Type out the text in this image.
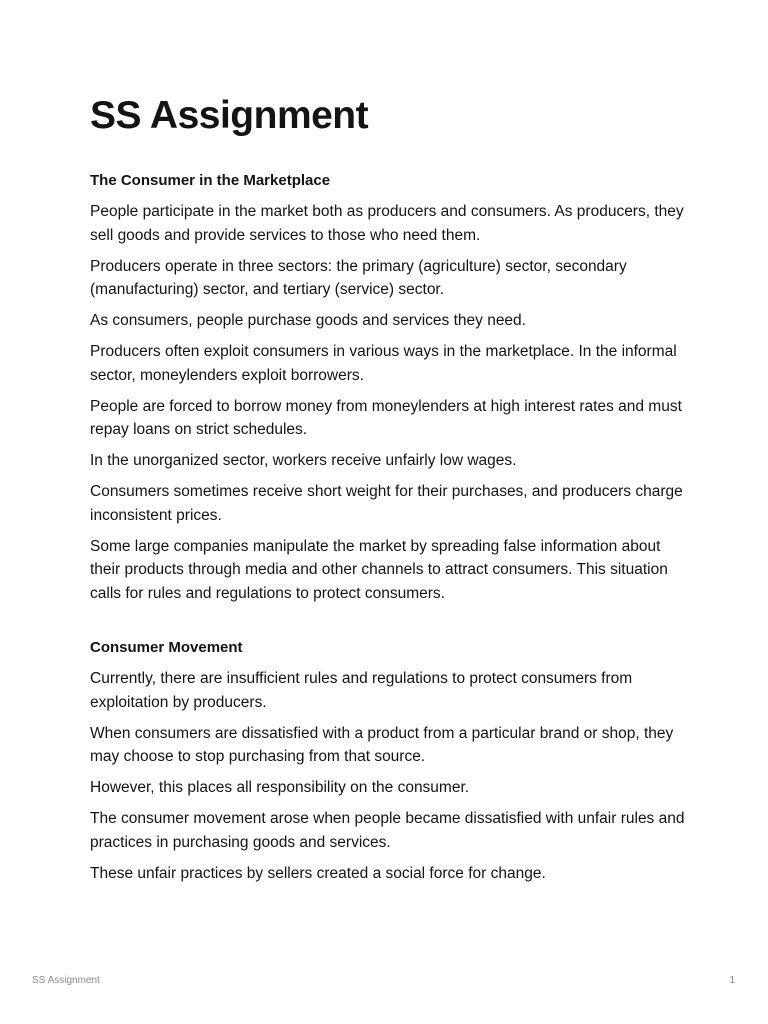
SS Assignment
The Consumer in the Marketplace

People participate in the market both as producers and consumers. As producers, they sell goods and provide services to those who need them.

Producers operate in three sectors: the primary (agriculture) sector, secondary (manufacturing) sector, and tertiary (service) sector.

As consumers, people purchase goods and services they need.

Producers often exploit consumers in various ways in the marketplace. In the informal sector, moneylenders exploit borrowers.

People are forced to borrow money from moneylenders at high interest rates and must repay loans on strict schedules.

In the unorganized sector, workers receive unfairly low wages.

Consumers sometimes receive short weight for their purchases, and producers charge inconsistent prices.

Some large companies manipulate the market by spreading false information about their products through media and other channels to attract consumers. This situation calls for rules and regulations to protect consumers.

Consumer Movement

Currently, there are insufficient rules and regulations to protect consumers from exploitation by producers.

When consumers are dissatisfied with a product from a particular brand or shop, they may choose to stop purchasing from that source.

However, this places all responsibility on the consumer.

The consumer movement arose when people became dissatisfied with unfair rules and practices in purchasing goods and services.

These unfair practices by sellers created a social force for change.

SS Assignment	1
